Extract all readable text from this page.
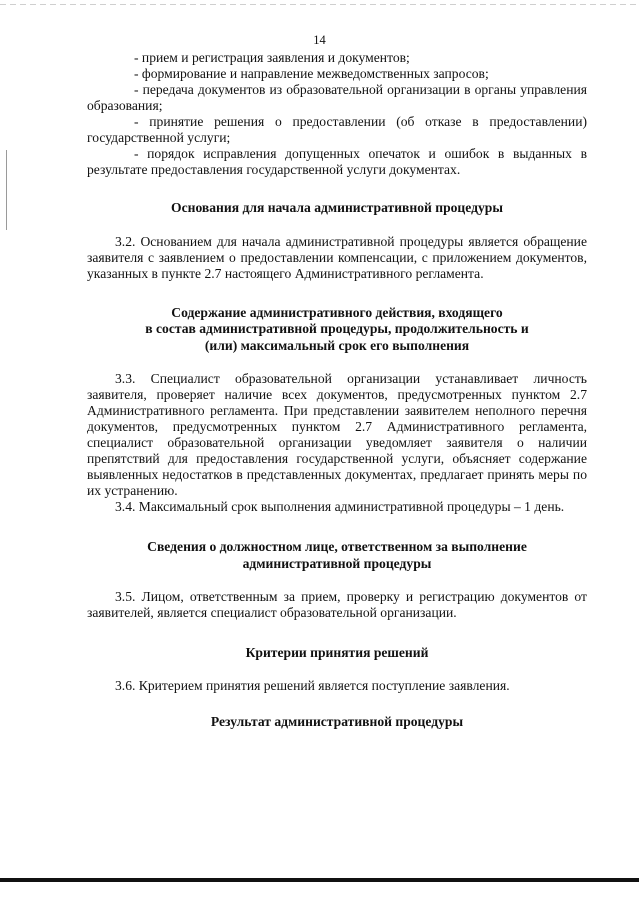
14

- прием и регистрация заявления и документов;

- формирование и направление межведомственных запросов;

- передача документов из образовательной организации в органы управления образования;

- принятие решения о предоставлении (об отказе в предоставлении) государственной услуги;

- порядок исправления допущенных опечаток и ошибок в выданных в результате предоставления государственной услуги документах.

Основания для начала административной процедуры

3.2. Основанием для начала административной процедуры является обращение заявителя с заявлением о предоставлении компенсации, с приложением документов, указанных в пункте 2.7 настоящего Административного регламента.

Содержание административного действия, входящего

в состав административной процедуры, продолжительность и

(или) максимальный срок его выполнения

3.3. Специалист образовательной организации устанавливает личность заявителя, проверяет наличие всех документов, предусмотренных пунктом 2.7 Административного регламента. При представлении заявителем неполного перечня документов, предусмотренных пунктом 2.7 Административного регламента, специалист образовательной организации уведомляет заявителя о наличии препятствий для предоставления государственной услуги, объясняет содержание выявленных недостатков в представленных документах, предлагает принять меры по их устранению.

3.4. Максимальный срок выполнения административной процедуры – 1 день.

Сведения о должностном лице, ответственном за выполнение

административной процедуры

3.5. Лицом, ответственным за прием, проверку и регистрацию документов от заявителей, является специалист образовательной организации.

Критерии принятия решений

3.6. Критерием принятия решений является поступление заявления.

Результат административной процедуры
